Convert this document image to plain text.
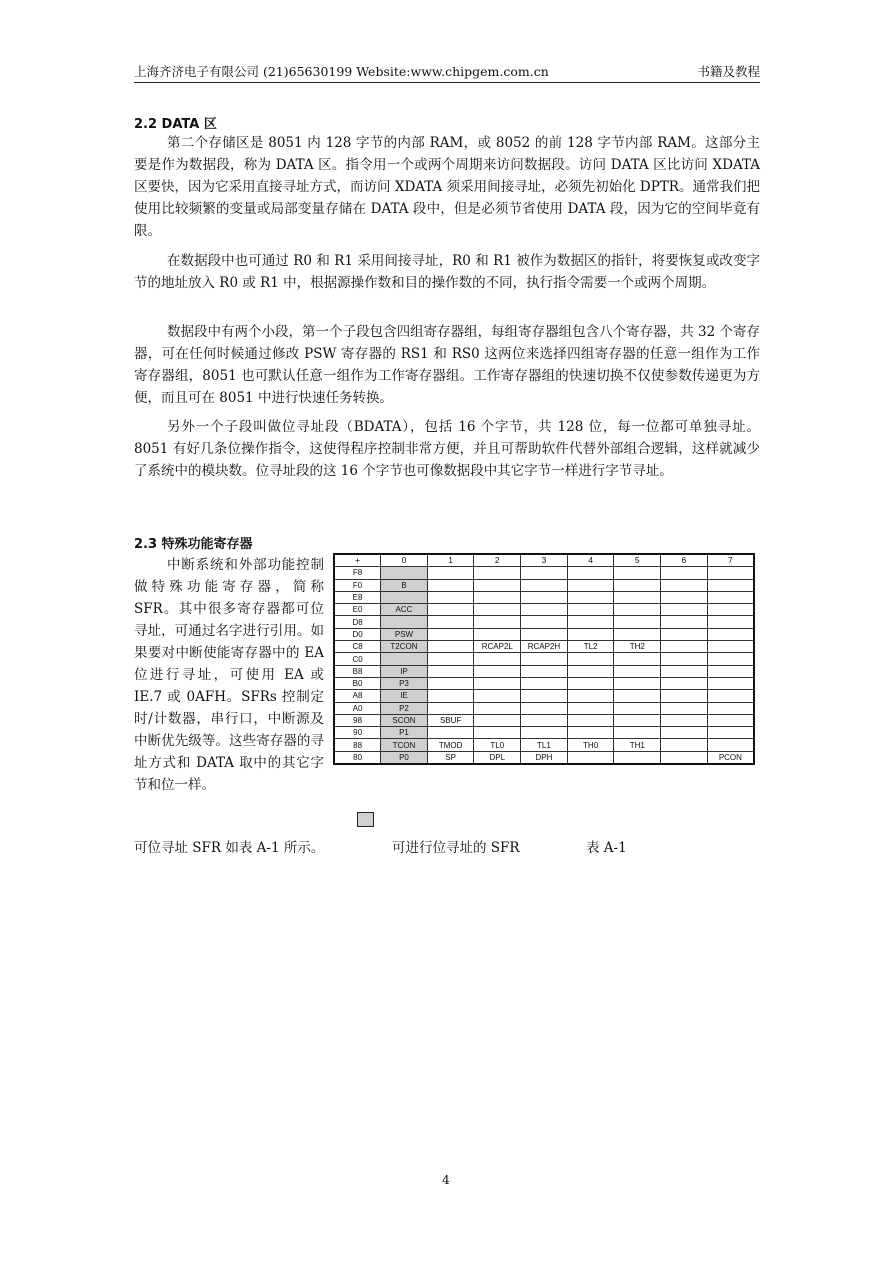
上海齐济电子有限公司 (21)65630199 Website:www.chipgem.com.cn	书籍及教程
2.2 DATA 区

第二个存储区是 8051 内 128 字节的内部 RAM，或 8052 的前 128 字节内部 RAM。这部分主要是作为数据段，称为 DATA 区。指令用一个或两个周期来访问数据段。访问 DATA 区比访问 XDATA 区要快，因为它采用直接寻址方式，而访问 XDATA 须采用间接寻址，必须先初始化 DPTR。通常我们把使用比较频繁的变量或局部变量存储在 DATA 段中，但是必须节省使用 DATA 段，因为它的空间毕竟有限。

在数据段中也可通过 R0 和 R1 采用间接寻址，R0 和 R1 被作为数据区的指针，将要恢复或改变字节的地址放入 R0 或 R1 中，根据源操作数和目的操作数的不同，执行指令需要一个或两个周期。

数据段中有两个小段，第一个子段包含四组寄存器组，每组寄存器组包含八个寄存器，共 32 个寄存器，可在任何时候通过修改 PSW 寄存器的 RS1 和 RS0 这两位来选择四组寄存器的任意一组作为工作寄存器组，8051 也可默认任意一组作为工作寄存器组。工作寄存器组的快速切换不仅使参数传递更为方便，而且可在 8051 中进行快速任务转换。

另外一个子段叫做位寻址段（BDATA），包括 16 个字节，共 128 位，每一位都可单独寻址。8051 有好几条位操作指令，这使得程序控制非常方便，并且可帮助软件代替外部组合逻辑，这样就减少了系统中的模块数。位寻址段的这 16 个字节也可像数据段中其它字节一样进行字节寻址。

2.3 特殊功能寄存器

中断系统和外部功能控制做特殊功能寄存器，简称 SFR。其中很多寄存器都可位寻址，可通过名字进行引用。如果要对中断使能寄存器中的 EA 位进行寻址，可使用 EA 或 IE.7 或 0AFH。SFRs 控制定时/计数器，串行口，中断源及中断优先级等。这些寄存器的寻址方式和 DATA 取中的其它字节和位一样。

+	0	1	2	3	4	5	6	7
F8								
F0	B							
E8								
E0	ACC							
D8								
D0	PSW							
C8	T2CON		RCAP2L	RCAP2H	TL2	TH2		
C0								
B8	IP							
B0	P3							
A8	IE							
A0	P2							
98	SCON	SBUF						
90	P1							
88	TCON	TMOD	TL0	TL1	TH0	TH1		
80	P0	SP	DPL	DPH				PCON
可位寻址 SFR 如表 A-1 所示。	可进行位寻址的 SFR	表 A-1
4
